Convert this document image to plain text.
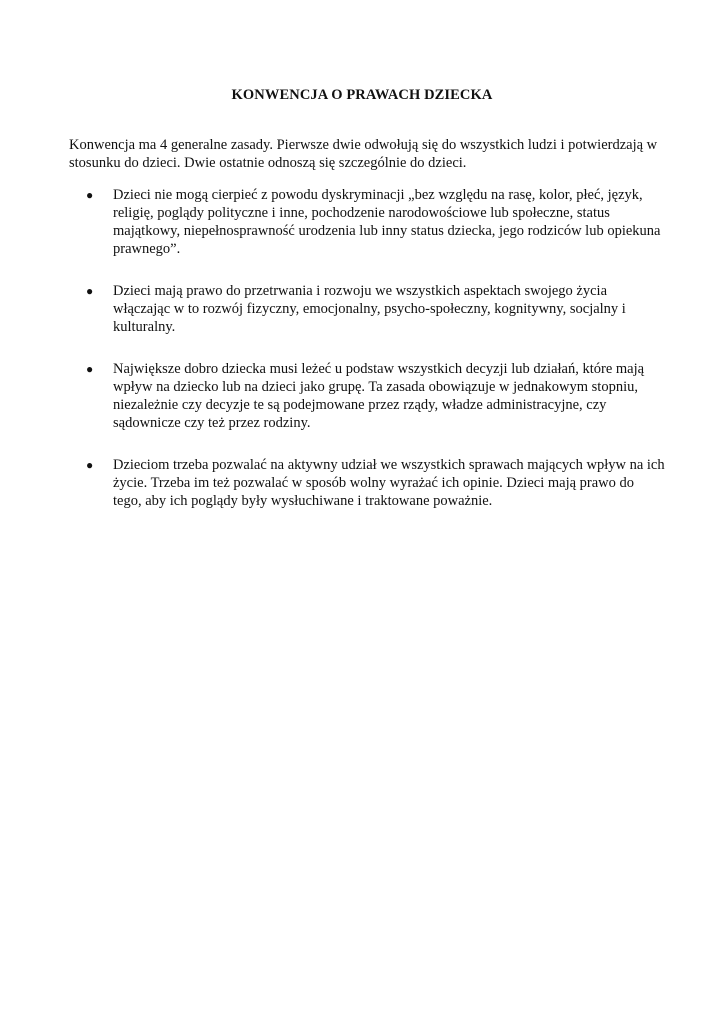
KONWENCJA O PRAWACH DZIECKA

Konwencja ma 4 generalne zasady. Pierwsze dwie odwołują się do wszystkich ludzi i potwierdzają w stosunku do dzieci. Dwie ostatnie odnoszą się szczególnie do dzieci.

●	Dzieci nie mogą cierpieć z powodu dyskryminacji „bez względu na rasę, kolor, płeć, język, religię, poglądy polityczne i inne, pochodzenie narodowościowe lub społeczne, status majątkowy, niepełnosprawność urodzenia lub inny status dziecka, jego rodziców lub opiekuna prawnego”.
●	Dzieci mają prawo do przetrwania i rozwoju we wszystkich aspektach swojego życia włączając w to rozwój fizyczny, emocjonalny, psycho-społeczny, kognitywny, socjalny i kulturalny.
●	Największe dobro dziecka musi leżeć u podstaw wszystkich decyzji lub działań, które mają wpływ na dziecko lub na dzieci jako grupę. Ta zasada obowiązuje w jednakowym stopniu, niezależnie czy decyzje te są podejmowane przez rządy, władze administracyjne, czy sądownicze czy też przez rodziny.
●	Dzieciom trzeba pozwalać na aktywny udział we wszystkich sprawach mających wpływ na ich życie. Trzeba im też pozwalać w sposób wolny wyrażać ich opinie. Dzieci mają prawo do tego, aby ich poglądy były wysłuchiwane i traktowane poważnie.
